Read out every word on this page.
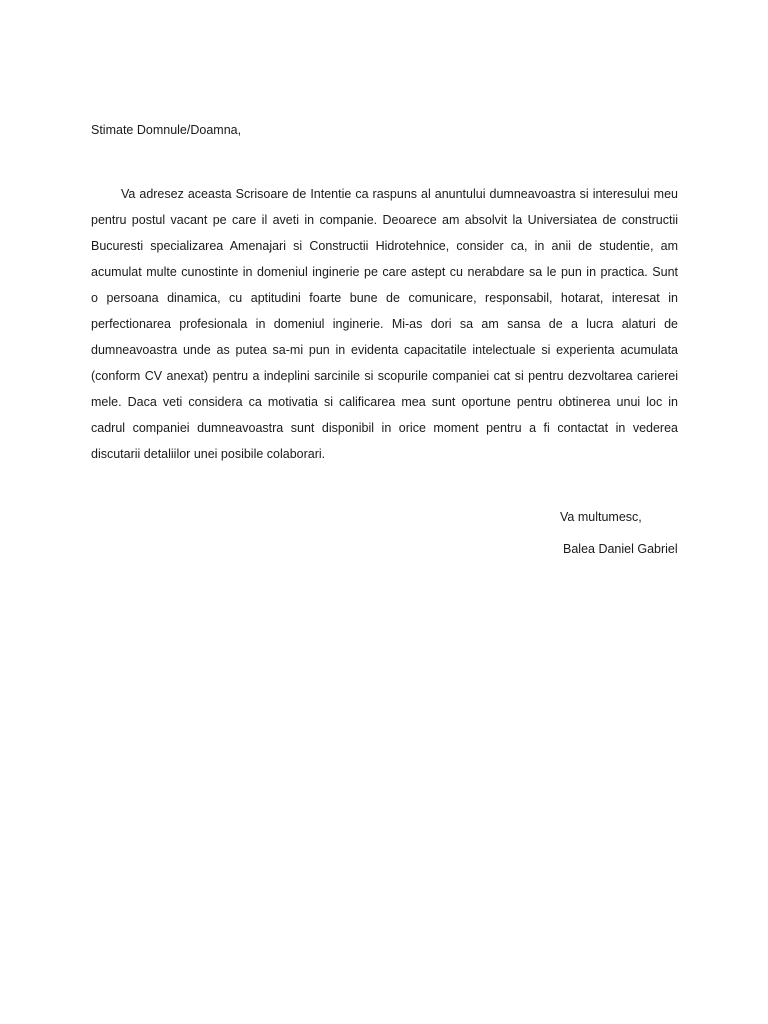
Stimate Domnule/Doamna,
Va adresez aceasta Scrisoare de Intentie ca raspuns al anuntului dumneavoastra si interesului meu
pentru postul vacant pe care il aveti in companie. Deoarece am absolvit la Universiatea de constructii
Bucuresti specializarea Amenajari si Constructii Hidrotehnice, consider ca, in anii de studentie, am
acumulat multe cunostinte in domeniul inginerie pe care astept cu nerabdare sa le pun in practica. Sunt
o persoana dinamica, cu aptitudini foarte bune de comunicare, responsabil, hotarat, interesat in
perfectionarea profesionala in domeniul inginerie. Mi-as dori sa am sansa de a lucra alaturi de
dumneavoastra unde as putea sa-mi pun in evidenta capacitatile intelectuale si experienta acumulata
(conform CV anexat) pentru a indeplini sarcinile si scopurile companiei cat si pentru dezvoltarea carierei
mele. Daca veti considera ca motivatia si calificarea mea sunt oportune pentru obtinerea unui loc in
cadrul companiei dumneavoastra sunt disponibil in orice moment pentru a fi contactat in vederea
discutarii detaliilor unei posibile colaborari.
Va multumesc,
Balea Daniel Gabriel
